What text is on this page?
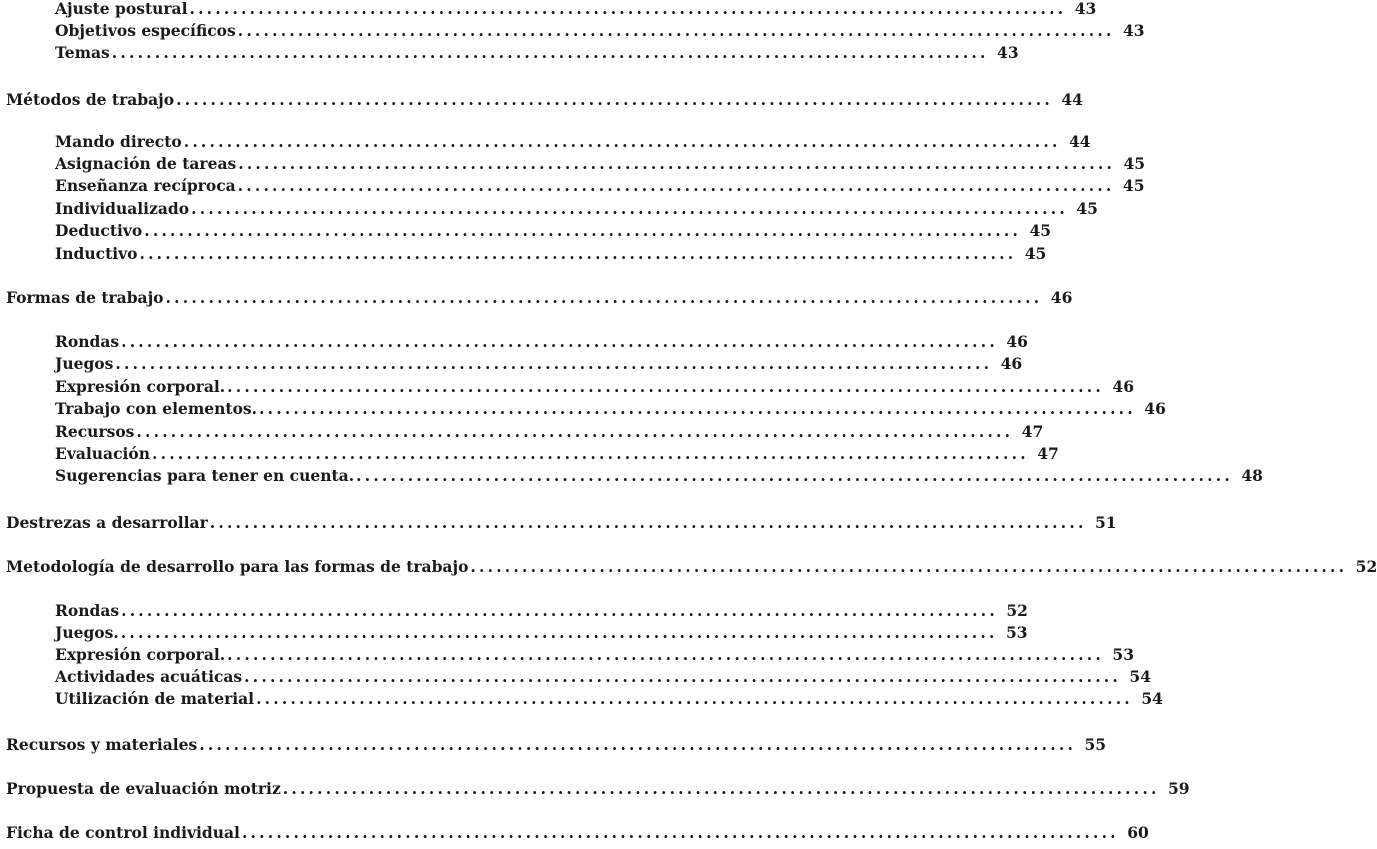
Ajuste postural ...................................................................................................... 43
Objetivos específicos ...................................................................................................... 43
Temas ...................................................................................................... 43
Métodos de trabajo ...................................................................................................... 44
Mando directo ...................................................................................................... 44
Asignación de tareas ...................................................................................................... 45
Enseñanza recíproca ...................................................................................................... 45
Individualizado ...................................................................................................... 45
Deductivo ...................................................................................................... 45
Inductivo ...................................................................................................... 45
Formas de trabajo ...................................................................................................... 46
Rondas ...................................................................................................... 46
Juegos ...................................................................................................... 46
Expresión corporal. ...................................................................................................... 46
Trabajo con elementos. ...................................................................................................... 46
Recursos ...................................................................................................... 47
Evaluación ...................................................................................................... 47
Sugerencias para tener en cuenta. ...................................................................................................... 48
Destrezas a desarrollar ...................................................................................................... 51
Metodología de desarrollo para las formas de trabajo ...................................................................................................... 52
Rondas ...................................................................................................... 52
Juegos. ...................................................................................................... 53
Expresión corporal. ...................................................................................................... 53
Actividades acuáticas ...................................................................................................... 54
Utilización de material ...................................................................................................... 54
Recursos y materiales ...................................................................................................... 55
Propuesta de evaluación motriz ...................................................................................................... 59
Ficha de control individual ...................................................................................................... 60
